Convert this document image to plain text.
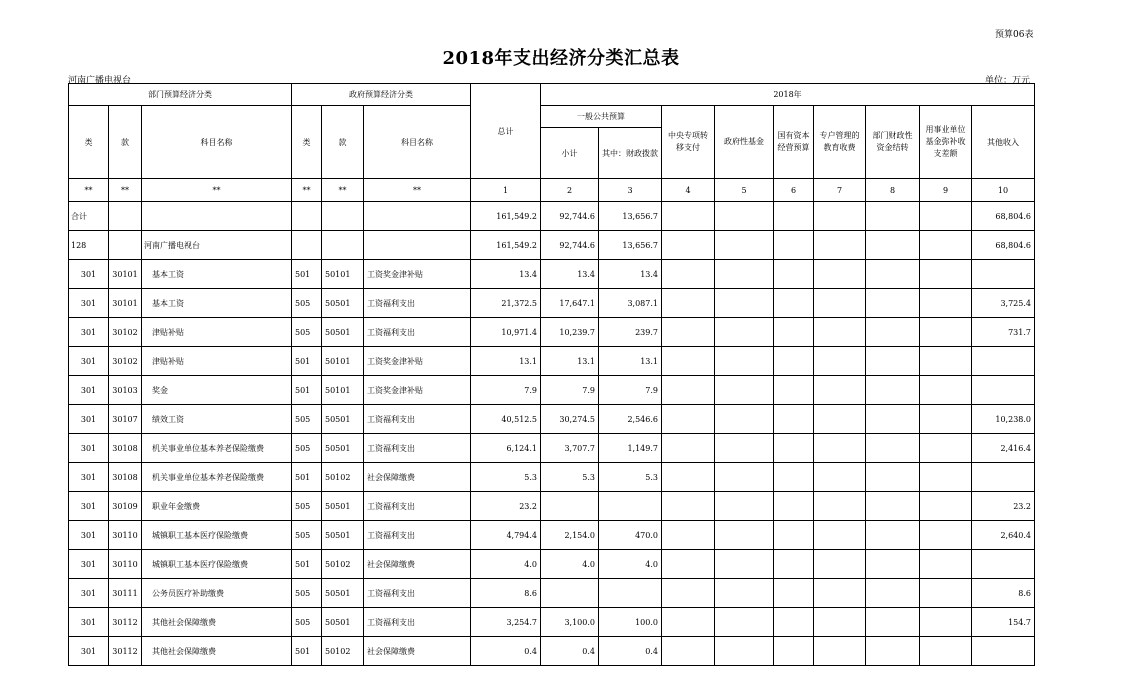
预算06表
2018年支出经济分类汇总表
河南广播电视台	单位：万元
部门预算经济分类			政府预算经济分类			总计	2018年								
类	款	科目名称	类	款	科目名称		一般公共预算		中央专项转移支付	政府性基金	国有资本经营预算	专户管理的教育收费	部门财政性资金结转	用事业单位基金弥补收支差额	其他收入
							小计	其中：财政拨款							
**	**	**	**	**	**	1	2	3	4	5	6	7	8	9	10
合计						161,549.2	92,744.6	13,656.7							68,804.6
128		河南广播电视台				161,549.2	92,744.6	13,656.7							68,804.6
301	30101	基本工资	501	50101	工资奖金津补贴	13.4	13.4	13.4							
301	30101	基本工资	505	50501	工资福利支出	21,372.5	17,647.1	3,087.1							3,725.4
301	30102	津贴补贴	505	50501	工资福利支出	10,971.4	10,239.7	239.7							731.7
301	30102	津贴补贴	501	50101	工资奖金津补贴	13.1	13.1	13.1							
301	30103	奖金	501	50101	工资奖金津补贴	7.9	7.9	7.9							
301	30107	绩效工资	505	50501	工资福利支出	40,512.5	30,274.5	2,546.6							10,238.0
301	30108	机关事业单位基本养老保险缴费	505	50501	工资福利支出	6,124.1	3,707.7	1,149.7							2,416.4
301	30108	机关事业单位基本养老保险缴费	501	50102	社会保障缴费	5.3	5.3	5.3							
301	30109	职业年金缴费	505	50501	工资福利支出	23.2									23.2
301	30110	城镇职工基本医疗保险缴费	505	50501	工资福利支出	4,794.4	2,154.0	470.0							2,640.4
301	30110	城镇职工基本医疗保险缴费	501	50102	社会保障缴费	4.0	4.0	4.0							
301	30111	公务员医疗补助缴费	505	50501	工资福利支出	8.6									8.6
301	30112	其他社会保障缴费	505	50501	工资福利支出	3,254.7	3,100.0	100.0							154.7
301	30112	其他社会保障缴费	501	50102	社会保障缴费	0.4	0.4	0.4							
